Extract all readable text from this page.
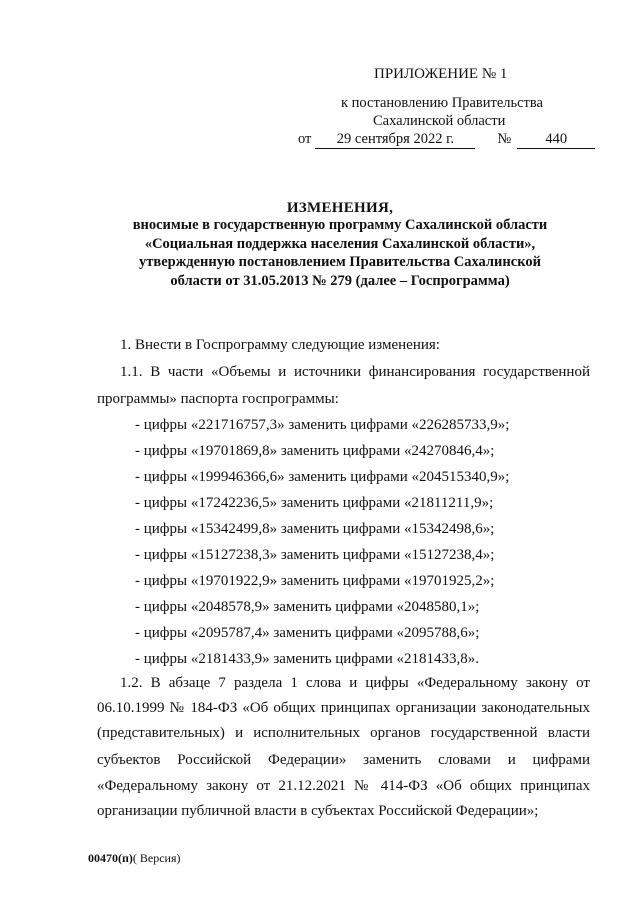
ПРИЛОЖЕНИЕ № 1
к постановлению Правительства
Сахалинской области
от	29 сентября 2022 г.	№	440
ИЗМЕНЕНИЯ,
вносимые в государственную программу Сахалинской области
«Социальная поддержка населения Сахалинской области»,
утвержденную постановлением Правительства Сахалинской
области от 31.05.2013 № 279 (далее – Госпрограмма)
1. Внести в Госпрограмму следующие изменения:
1.1. В части «Объемы и источники финансирования государственной
программы» паспорта госпрограммы:
- цифры «221716757,3» заменить цифрами «226285733,9»;
- цифры «19701869,8» заменить цифрами «24270846,4»;
- цифры «199946366,6» заменить цифрами «204515340,9»;
- цифры «17242236,5» заменить цифрами «21811211,9»;
- цифры «15342499,8» заменить цифрами «15342498,6»;
- цифры «15127238,3» заменить цифрами «15127238,4»;
- цифры «19701922,9» заменить цифрами «19701925,2»;
- цифры «2048578,9» заменить цифрами «2048580,1»;
- цифры «2095787,4» заменить цифрами «2095788,6»;
- цифры «2181433,9» заменить цифрами «2181433,8».
1.2. В абзаце 7 раздела 1 слова и цифры «Федеральному закону от
06.10.1999 № 184-ФЗ «Об общих принципах организации законодательных
(представительных) и исполнительных органов государственной власти
субъектов Российской Федерации» заменить словами и цифрами
«Федеральному закону от 21.12.2021 № 414-ФЗ «Об общих принципах
организации публичной власти в субъектах Российской Федерации»;
00470(п)( Версия)
